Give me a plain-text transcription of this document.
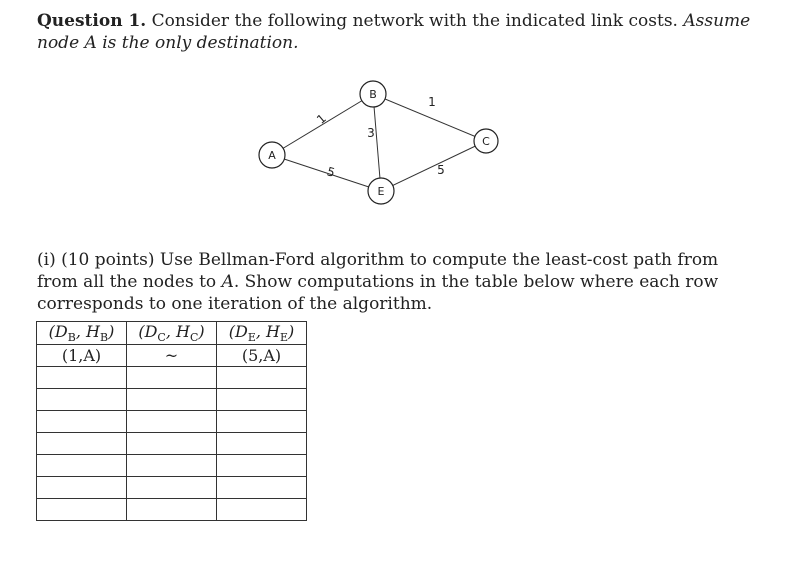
Question 1. Consider the following network with the indicated link costs. Assume node A is the only destination.
1
5
3
1
5
A
B
C
E
(i) (10 points) Use Bellman-Ford algorithm to compute the least-cost path from from all the nodes to A. Show computations in the table below where each row corresponds to one iteration of the algorithm.
($D_B$, $H_B$)	($D_C$, $H_C$)	($D_E$, $H_E$)
(1,A)	~	(5,A)
